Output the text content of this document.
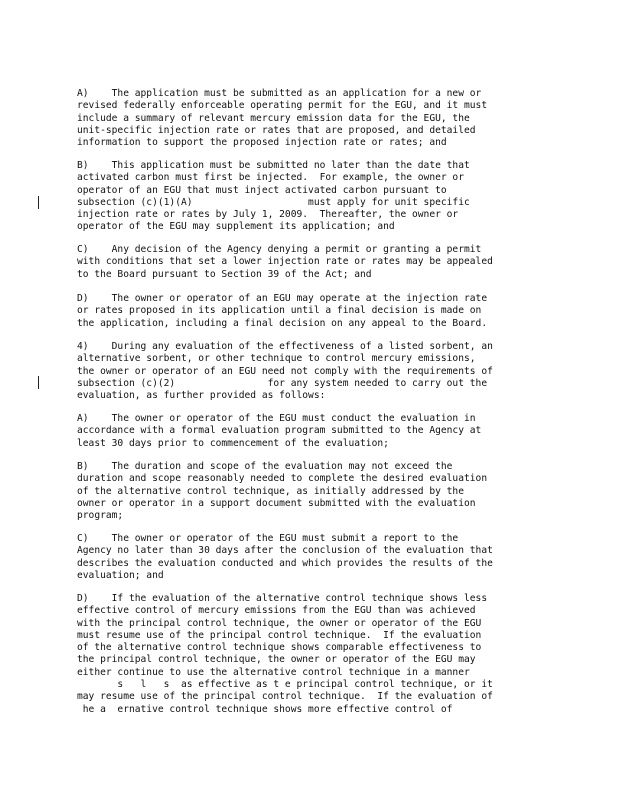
A)    The application must be submitted as an application for a new or
revised federally enforceable operating permit for the EGU, and it must
include a summary of relevant mercury emission data for the EGU, the
unit-specific injection rate or rates that are proposed, and detailed
information to support the proposed injection rate or rates; and
B)    This application must be submitted no later than the date that
activated carbon must first be injected.  For example, the owner or
operator of an EGU that must inject activated carbon pursuant to
subsection (c)(1)(A)                    must apply for unit specific
injection rate or rates by July 1, 2009.  Thereafter, the owner or
operator of the EGU may supplement its application; and
C)    Any decision of the Agency denying a permit or granting a permit
with conditions that set a lower injection rate or rates may be appealed
to the Board pursuant to Section 39 of the Act; and
D)    The owner or operator of an EGU may operate at the injection rate
or rates proposed in its application until a final decision is made on
the application, including a final decision on any appeal to the Board.
4)    During any evaluation of the effectiveness of a listed sorbent, an
alternative sorbent, or other technique to control mercury emissions,
the owner or operator of an EGU need not comply with the requirements of
subsection (c)(2)                for any system needed to carry out the
evaluation, as further provided as follows:
A)    The owner or operator of the EGU must conduct the evaluation in
accordance with a formal evaluation program submitted to the Agency at
least 30 days prior to commencement of the evaluation;
B)    The duration and scope of the evaluation may not exceed the
duration and scope reasonably needed to complete the desired evaluation
of the alternative control technique, as initially addressed by the
owner or operator in a support document submitted with the evaluation
program;
C)    The owner or operator of the EGU must submit a report to the
Agency no later than 30 days after the conclusion of the evaluation that
describes the evaluation conducted and which provides the results of the
evaluation; and
D)    If the evaluation of the alternative control technique shows less
effective control of mercury emissions from the EGU than was achieved
with the principal control technique, the owner or operator of the EGU
must resume use of the principal control technique.  If the evaluation
of the alternative control technique shows comparable effectiveness to
the principal control technique, the owner or operator of the EGU may
either continue to use the alternative control technique in a manner
s   l   s  as effective as t e principal control technique, or it
may resume use of the principal control technique.  If the evaluation of
he a  ernative control technique shows more effective control of
